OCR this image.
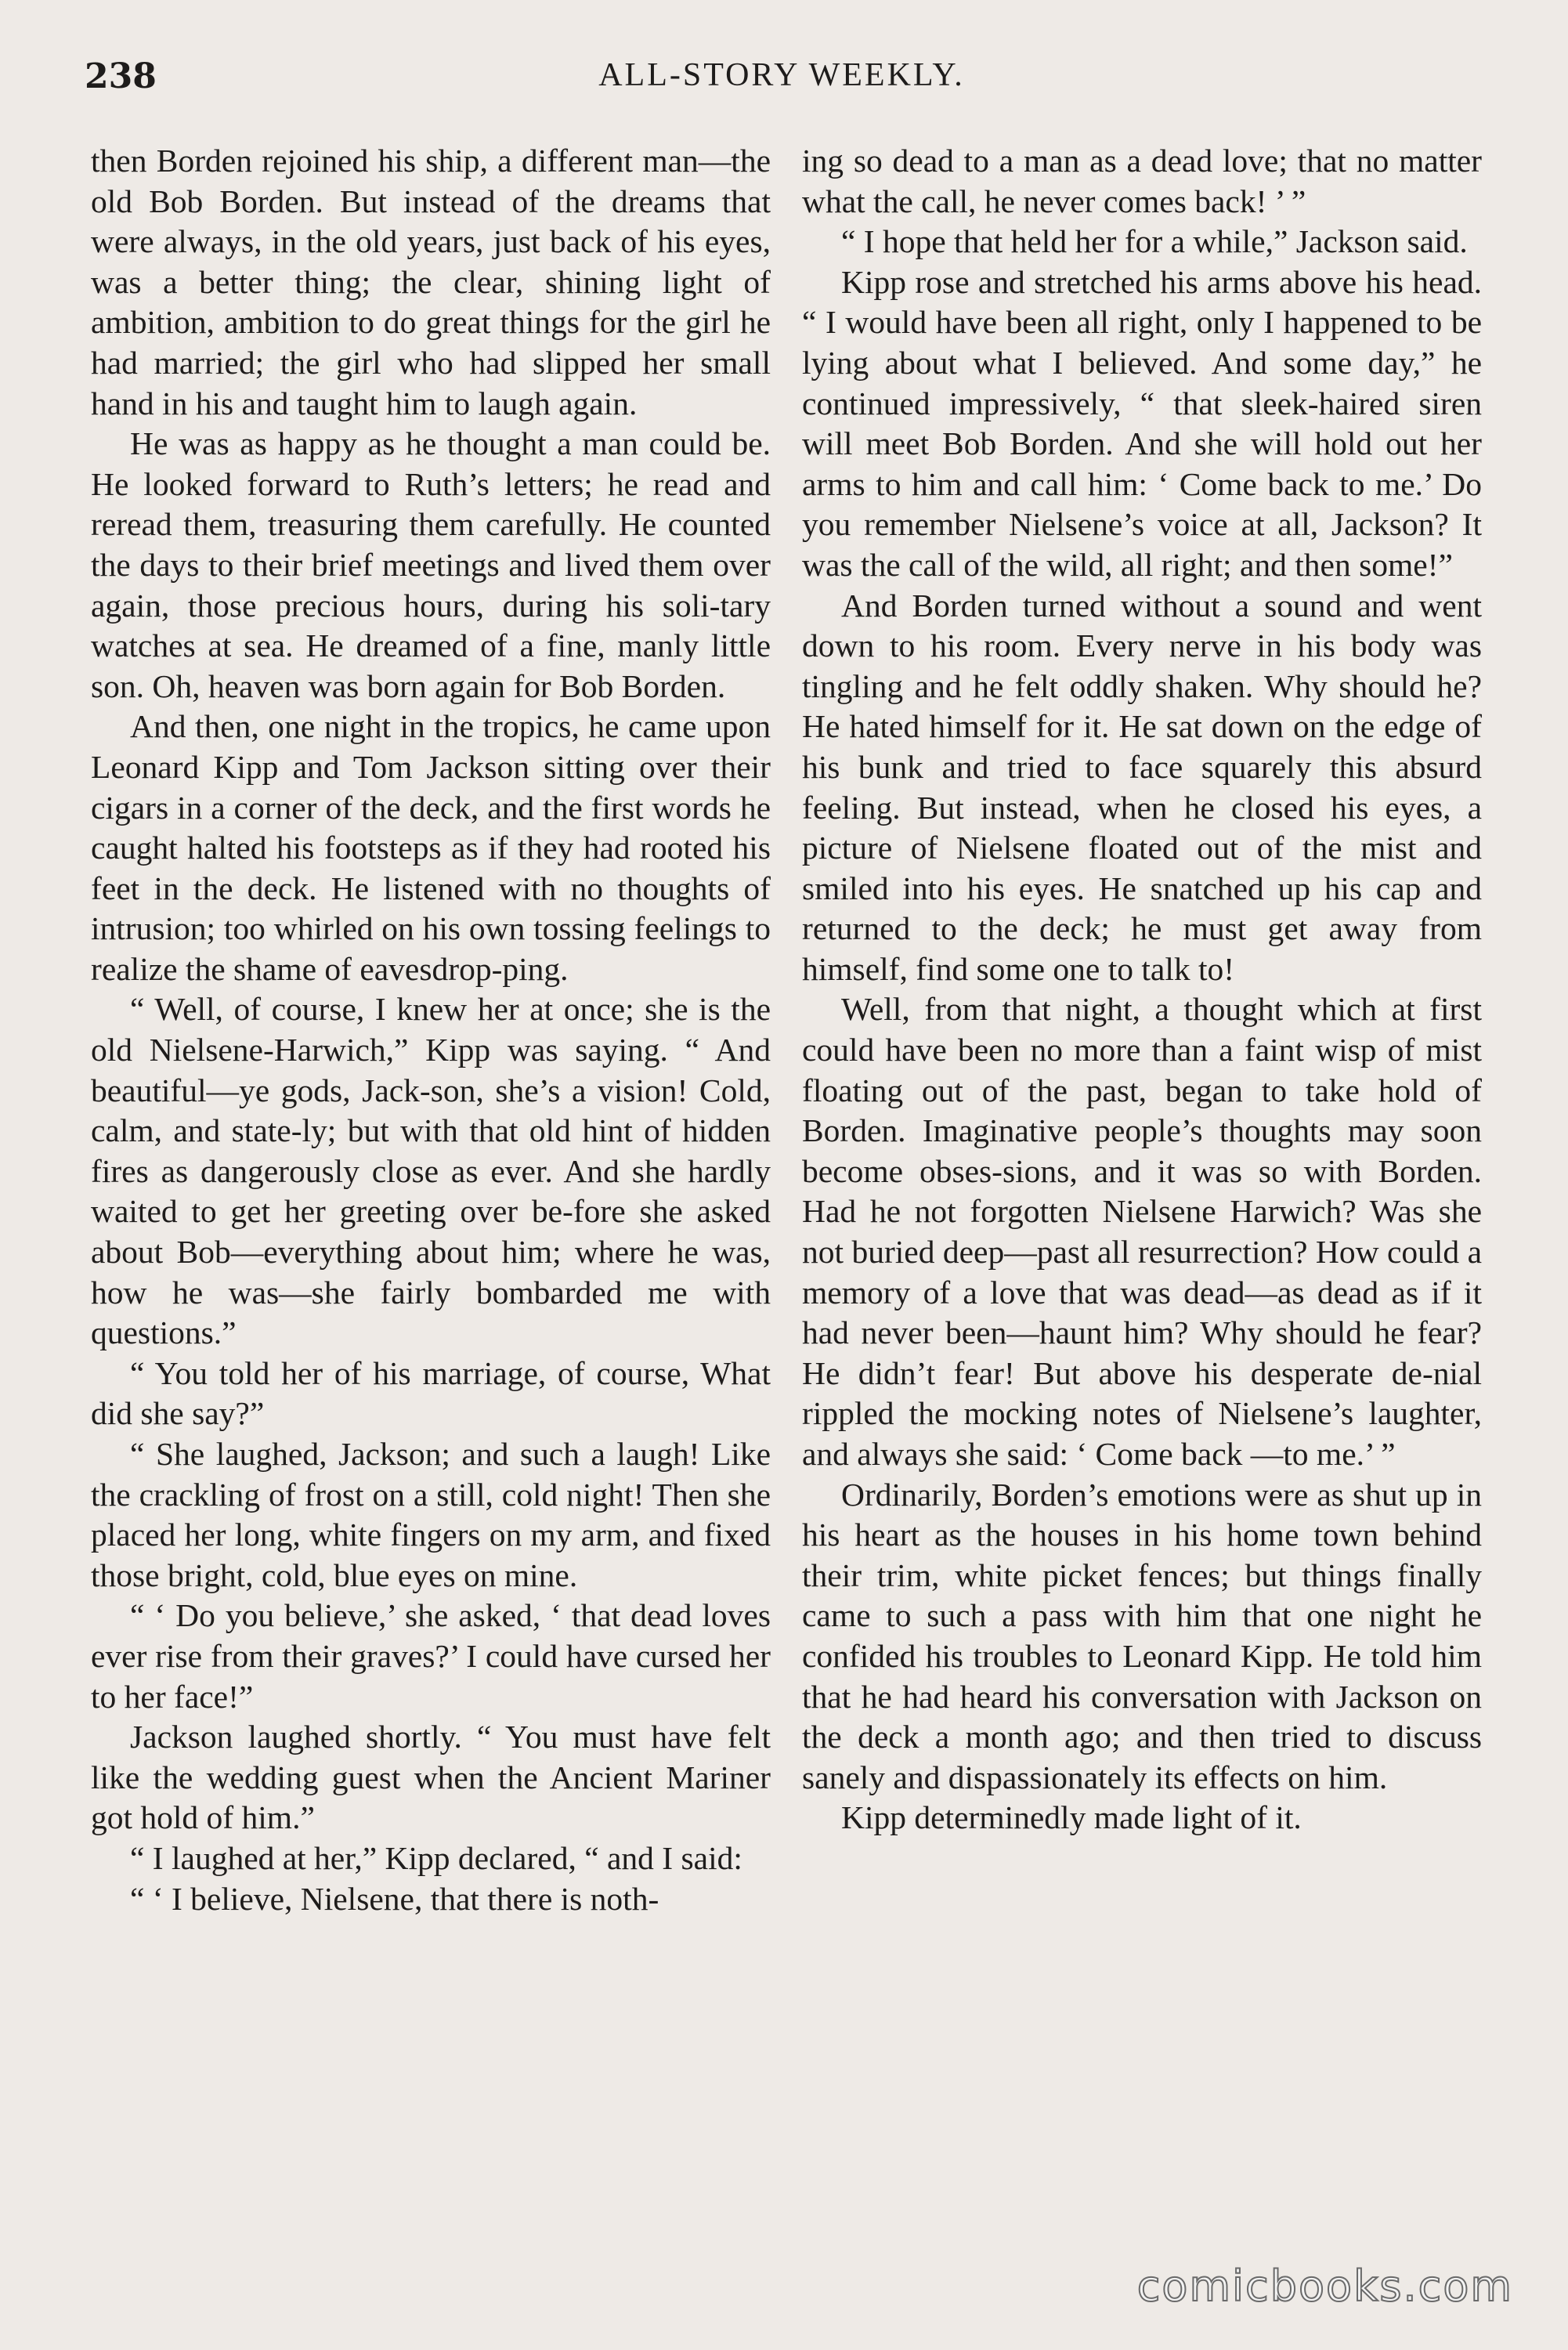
238	ALL-STORY WEEKLY.

then Borden rejoined his ship, a different man—the old Bob Borden. But instead of the dreams that were always, in the old years, just back of his eyes, was a better thing; the clear, shining light of ambition, ambition to do great things for the girl he had married; the girl who had slipped her small hand in his and taught him to laugh again.

He was as happy as he thought a man could be. He looked forward to Ruth’s letters; he read and reread them, treasuring them carefully. He counted the days to their brief meetings and lived them over again, those precious hours, during his soli-tary watches at sea. He dreamed of a fine, manly little son. Oh, heaven was born again for Bob Borden.

And then, one night in the tropics, he came upon Leonard Kipp and Tom Jackson sitting over their cigars in a corner of the deck, and the first words he caught halted his footsteps as if they had rooted his feet in the deck. He listened with no thoughts of intrusion; too whirled on his own tossing feelings to realize the shame of eavesdrop-ping.

“ Well, of course, I knew her at once; she is the old Nielsene-Harwich,” Kipp was saying. “ And beautiful—ye gods, Jack-son, she’s a vision! Cold, calm, and state-ly; but with that old hint of hidden fires as dangerously close as ever. And she hardly waited to get her greeting over be-fore she asked about Bob—everything about him; where he was, how he was—she fairly bombarded me with questions.”

“ You told her of his marriage, of course, What did she say?”

“ She laughed, Jackson; and such a laugh! Like the crackling of frost on a still, cold night! Then she placed her long, white fingers on my arm, and fixed those bright, cold, blue eyes on mine.

“ ‘ Do you believe,’ she asked, ‘ that dead loves ever rise from their graves?’ I could have cursed her to her face!”

Jackson laughed shortly. “ You must have felt like the wedding guest when the Ancient Mariner got hold of him.”

“ I laughed at her,” Kipp declared, “ and I said:

“ ‘ I believe, Nielsene, that there is noth-

ing so dead to a man as a dead love; that no matter what the call, he never comes back! ’ ”

“ I hope that held her for a while,” Jackson said.

Kipp rose and stretched his arms above his head. “ I would have been all right, only I happened to be lying about what I believed. And some day,” he continued impressively, “ that sleek-haired siren will meet Bob Borden. And she will hold out her arms to him and call him: ‘ Come back to me.’ Do you remember Nielsene’s voice at all, Jackson? It was the call of the wild, all right; and then some!”

And Borden turned without a sound and went down to his room. Every nerve in his body was tingling and he felt oddly shaken. Why should he? He hated himself for it. He sat down on the edge of his bunk and tried to face squarely this absurd feeling. But instead, when he closed his eyes, a picture of Nielsene floated out of the mist and smiled into his eyes. He snatched up his cap and returned to the deck; he must get away from himself, find some one to talk to!

Well, from that night, a thought which at first could have been no more than a faint wisp of mist floating out of the past, began to take hold of Borden. Imaginative people’s thoughts may soon become obses-sions, and it was so with Borden. Had he not forgotten Nielsene Harwich? Was she not buried deep—past all resurrection? How could a memory of a love that was dead—as dead as if it had never been—haunt him? Why should he fear? He didn’t fear! But above his desperate de-nial rippled the mocking notes of Nielsene’s laughter, and always she said: ‘ Come back —to me.’ ”

Ordinarily, Borden’s emotions were as shut up in his heart as the houses in his home town behind their trim, white picket fences; but things finally came to such a pass with him that one night he confided his troubles to Leonard Kipp. He told him that he had heard his conversation with Jackson on the deck a month ago; and then tried to discuss sanely and dispassionately its effects on him.

Kipp determinedly made light of it.

comicbooks.com
